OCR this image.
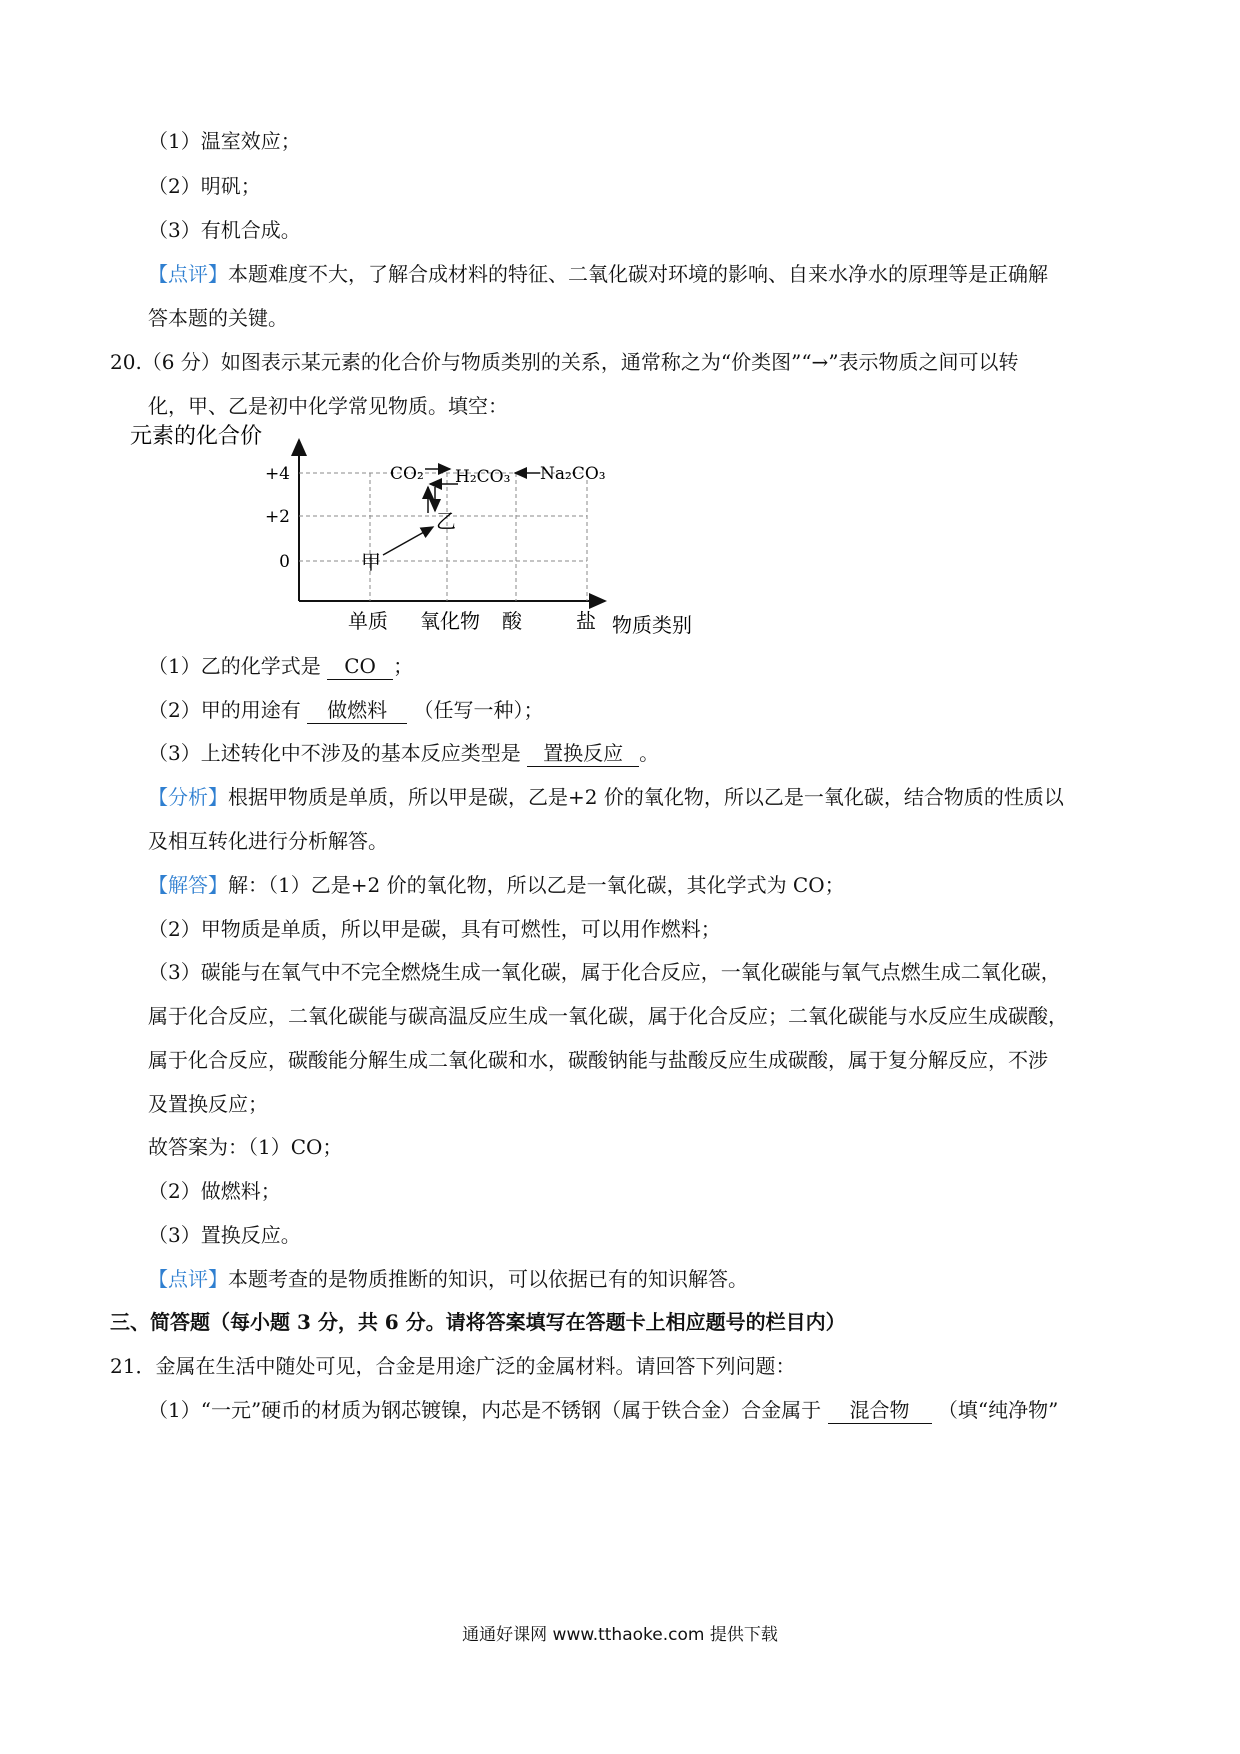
（1）温室效应；
（2）明矾；
（3）有机合成。
【点评】本题难度不大，了解合成材料的特征、二氧化碳对环境的影响、自来水净水的原理等是正确解
答本题的关键。
20.（6 分）如图表示某元素的化合价与物质类别的关系，通常称之为“价类图”“→”表示物质之间可以转
化，甲、乙是初中化学常见物质。填空：
元素的化合价
+4
+2
0
单质 氧化物 酸	盐 物质类别
甲
乙
CO₂ H₂CO₃ Na₂CO₃
（1）乙的化学式是 CO ；
（2）甲的用途有 做燃料 （任写一种）；
（3）上述转化中不涉及的基本反应类型是 置换反应 。
【分析】根据甲物质是单质，所以甲是碳，乙是+2 价的氧化物，所以乙是一氧化碳，结合物质的性质以
及相互转化进行分析解答。
【解答】解：（1）乙是+2 价的氧化物，所以乙是一氧化碳，其化学式为 CO；
（2）甲物质是单质，所以甲是碳，具有可燃性，可以用作燃料；
（3）碳能与在氧气中不完全燃烧生成一氧化碳，属于化合反应，一氧化碳能与氧气点燃生成二氧化碳，
属于化合反应，二氧化碳能与碳高温反应生成一氧化碳，属于化合反应；二氧化碳能与水反应生成碳酸，
属于化合反应，碳酸能分解生成二氧化碳和水，碳酸钠能与盐酸反应生成碳酸，属于复分解反应，不涉
及置换反应；
故答案为：（1）CO；
（2）做燃料；
（3）置换反应。
【点评】本题考查的是物质推断的知识，可以依据已有的知识解答。
三、简答题（每小题 3 分，共 6 分。请将答案填写在答题卡上相应题号的栏目内）
21．金属在生活中随处可见，合金是用途广泛的金属材料。请回答下列问题：
（1）“一元”硬币的材质为钢芯镀镍，内芯是不锈钢（属于铁合金）合金属于 混合物 （填“纯净物”
通通好课网 www.tthaoke.com 提供下载
